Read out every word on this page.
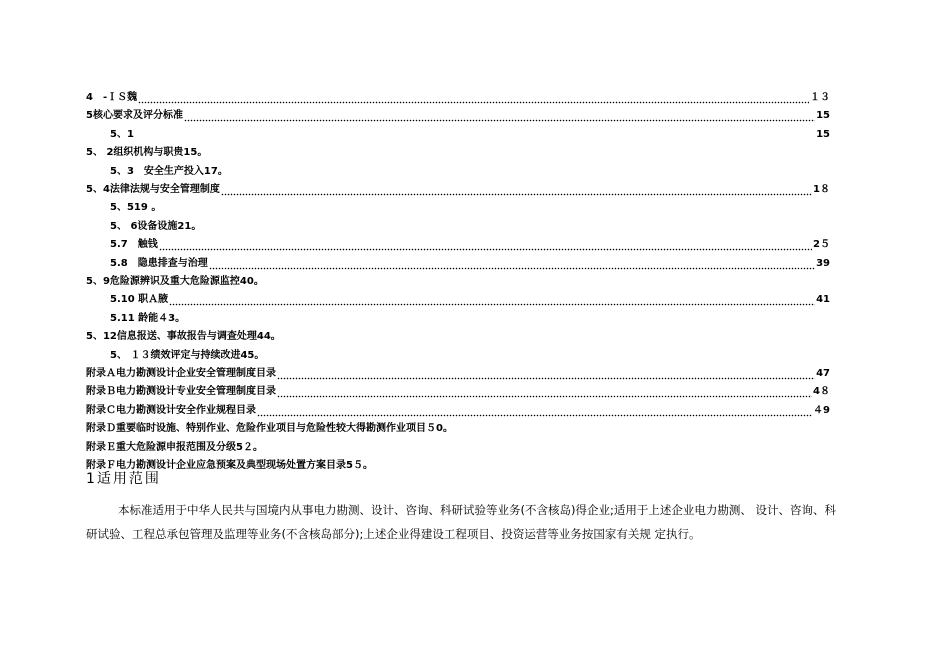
4　-ＩＳ魏	１３
5核心要求及评分标准	15
5、1	15
5、 2组织机构与职贵15。
5、3　安全生产投入17。
5、4法律法规与安全管理制度	1８
5、519 。
5、 6设备设施21。
5.7　触钱	2５
5.8　隐患排查与治理	39
5、9危险源辨识及重大危险源监控40。
5.10 职Ａ腋	41
5.11 龄能４3。
5、12信息报送、事故报告与调查处理44。
5、 １３绩效评定与持续改进45。
附录Ａ电力勘测设计企业安全管理制度目录	47
附录Ｂ电力勘测设计专业安全管理制度目录	4８
附录Ｃ电力勘测设计安全作业规程目录	４9
附录Ｄ重要临时设施、特别作业、危险作业项目与危险性较大得勘测作业项目５0。
附录Ｅ重大危险源申报范围及分级5２。
附录Ｆ电力勘测设计企业应急预案及典型现场处置方案目录5５。
1适用范围
本标准适用于中华人民共与国境内从事电力勘测、设计、咨询、科研试验等业务(不含核岛)得企业;适用于上述企业电力勘测、 设计、咨询、科研试验、工程总承包管理及监理等业务(不含核岛部分);上述企业得建设工程项目、投资运营等业务按国家有关规 定执行。
